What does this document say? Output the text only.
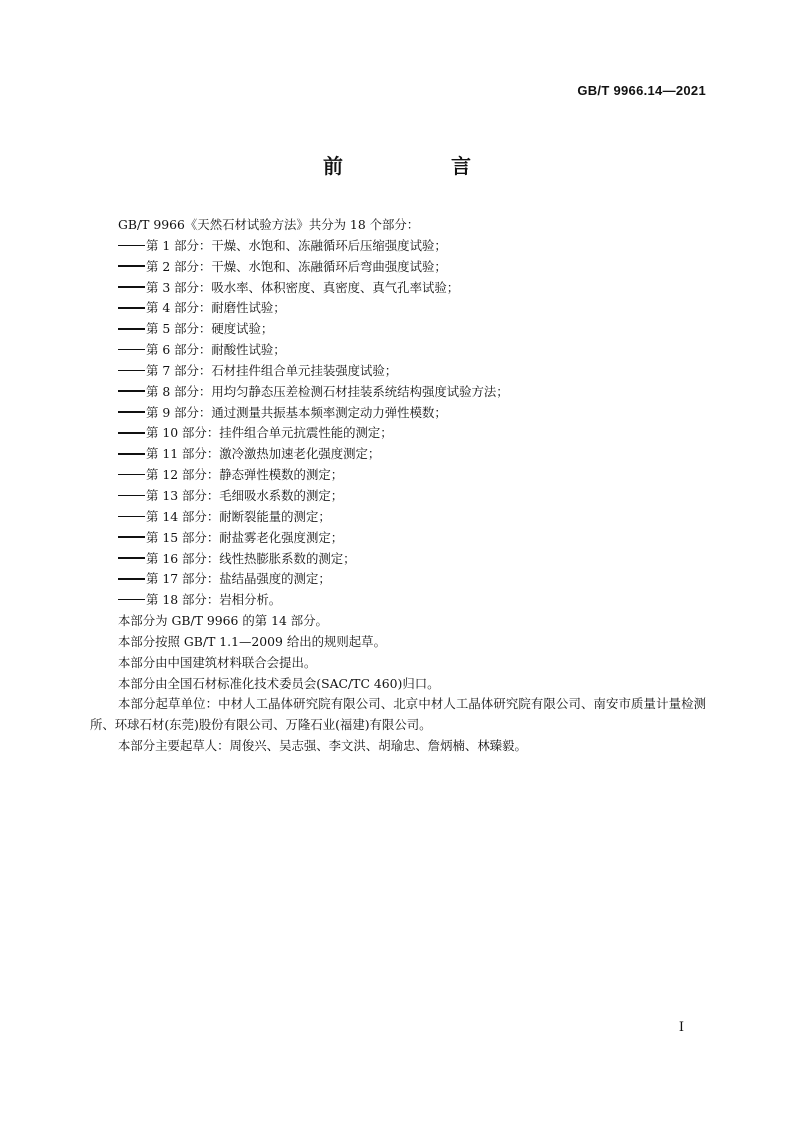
GB/T 9966.14—2021
前　言

GB/T 9966《天然石材试验方法》共分为 18 个部分：

第 1 部分：干燥、水饱和、冻融循环后压缩强度试验；

第 2 部分：干燥、水饱和、冻融循环后弯曲强度试验；

第 3 部分：吸水率、体积密度、真密度、真气孔率试验；

第 4 部分：耐磨性试验；

第 5 部分：硬度试验；

第 6 部分：耐酸性试验；

第 7 部分：石材挂件组合单元挂装强度试验；

第 8 部分：用均匀静态压差检测石材挂装系统结构强度试验方法；

第 9 部分：通过测量共振基本频率测定动力弹性模数；

第 10 部分：挂件组合单元抗震性能的测定；

第 11 部分：激冷激热加速老化强度测定；

第 12 部分：静态弹性模数的测定；

第 13 部分：毛细吸水系数的测定；

第 14 部分：耐断裂能量的测定；

第 15 部分：耐盐雾老化强度测定；

第 16 部分：线性热膨胀系数的测定；

第 17 部分：盐结晶强度的测定；

第 18 部分：岩相分析。

本部分为 GB/T 9966 的第 14 部分。

本部分按照 GB/T 1.1—2009 给出的规则起草。

本部分由中国建筑材料联合会提出。

本部分由全国石材标准化技术委员会(SAC/TC 460)归口。

本部分起草单位：中材人工晶体研究院有限公司、北京中材人工晶体研究院有限公司、南安市质量计量检测所、环球石材(东莞)股份有限公司、万隆石业(福建)有限公司。

本部分主要起草人：周俊兴、吴志强、李文洪、胡瑜忠、詹炳楠、林臻毅。

I
